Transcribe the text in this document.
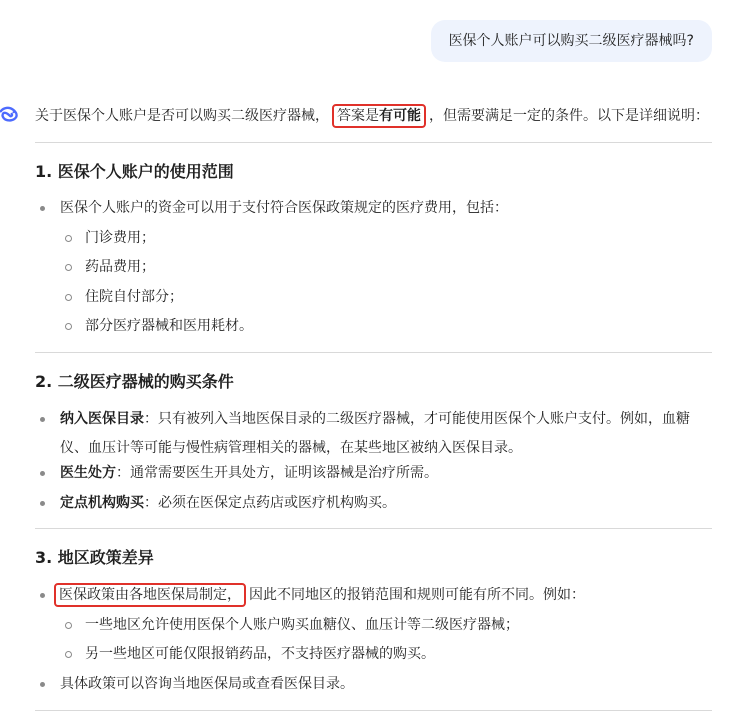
医保个人账户可以购买二级医疗器械吗?
关于医保个人账户是否可以购买二级医疗器械， 答案是有可能 ，但需要满足一定的条件。以下是详细说明：
1. 医保个人账户的使用范围
医保个人账户的资金可以用于支付符合医保政策规定的医疗费用，包括：
门诊费用；
药品费用；
住院自付部分；
部分医疗器械和医用耗材。
2. 二级医疗器械的购买条件
纳入医保目录：只有被列入当地医保目录的二级医疗器械，才可能使用医保个人账户支付。例如，血糖
仪、血压计等可能与慢性病管理相关的器械，在某些地区被纳入医保目录。
医生处方：通常需要医生开具处方，证明该器械是治疗所需。
定点机构购买：必须在医保定点药店或医疗机构购买。
3. 地区政策差异
医保政策由各地医保局制定， 因此不同地区的报销范围和规则可能有所不同。例如：
一些地区允许使用医保个人账户购买血糖仪、血压计等二级医疗器械；
另一些地区可能仅限报销药品，不支持医疗器械的购买。
具体政策可以咨询当地医保局或查看医保目录。
